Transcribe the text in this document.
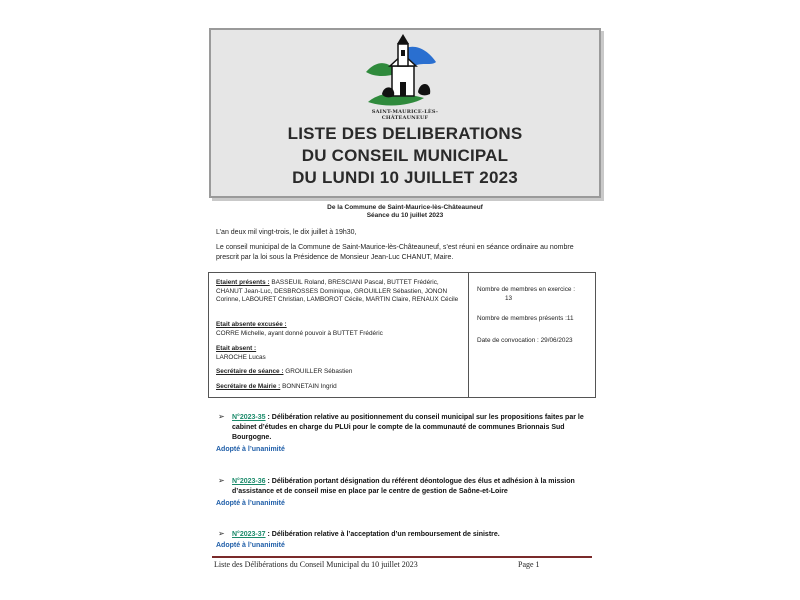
SAINT-MAURICE-LÈS-CHÂTEAUNEUF
LISTE DES DELIBERATIONS
DU CONSEIL MUNICIPAL
DU LUNDI 10 JUILLET 2023
De la Commune de Saint-Maurice-lès-Châteauneuf
Séance du 10 juillet 2023
L’an deux mil vingt-trois, le dix juillet à 19h30,
Le conseil municipal de la Commune de Saint-Maurice-lès-Châteauneuf, s’est réuni en séance ordinaire au nombre prescrit par la loi sous la Présidence de Monsieur Jean-Luc CHANUT, Maire.
Etaient présents : BASSEUIL Roland, BRESCIANI Pascal, BUTTET Frédéric, CHANUT Jean-Luc, DESBROSSES Dominique, GROUILLER Sébastien, JONON Corinne, LABOURET Christian, LAMBOROT Cécile, MARTIN Claire, RENAUX Cécile
Etait absente excusée :
CORRE Michelle, ayant donné pouvoir à BUTTET Frédéric
Etait absent :
LAROCHE Lucas
Secrétaire de séance : GROUILLER Sébastien
Secrétaire de Mairie : BONNETAIN Ingrid
Nombre de membres en exercice :
13
Nombre de membres présents :11
Date de convocation : 29/06/2023
➢ N°2023-35 : Délibération relative au positionnement du conseil municipal sur les propositions faites par le cabinet d’études en charge du PLUi pour le compte de la communauté de communes Brionnais Sud Bourgogne.
Adopté à l’unanimité
➢ N°2023-36 : Délibération portant désignation du référent déontologue des élus et adhésion à la mission d’assistance et de conseil mise en place par le centre de gestion de Saône-et-Loire
Adopté à l’unanimité
➢ N°2023-37 : Délibération relative à l’acceptation d’un remboursement de sinistre.
Adopté à l’unanimité
Liste des Délibérations du Conseil Municipal du 10 juillet 2023	Page 1
